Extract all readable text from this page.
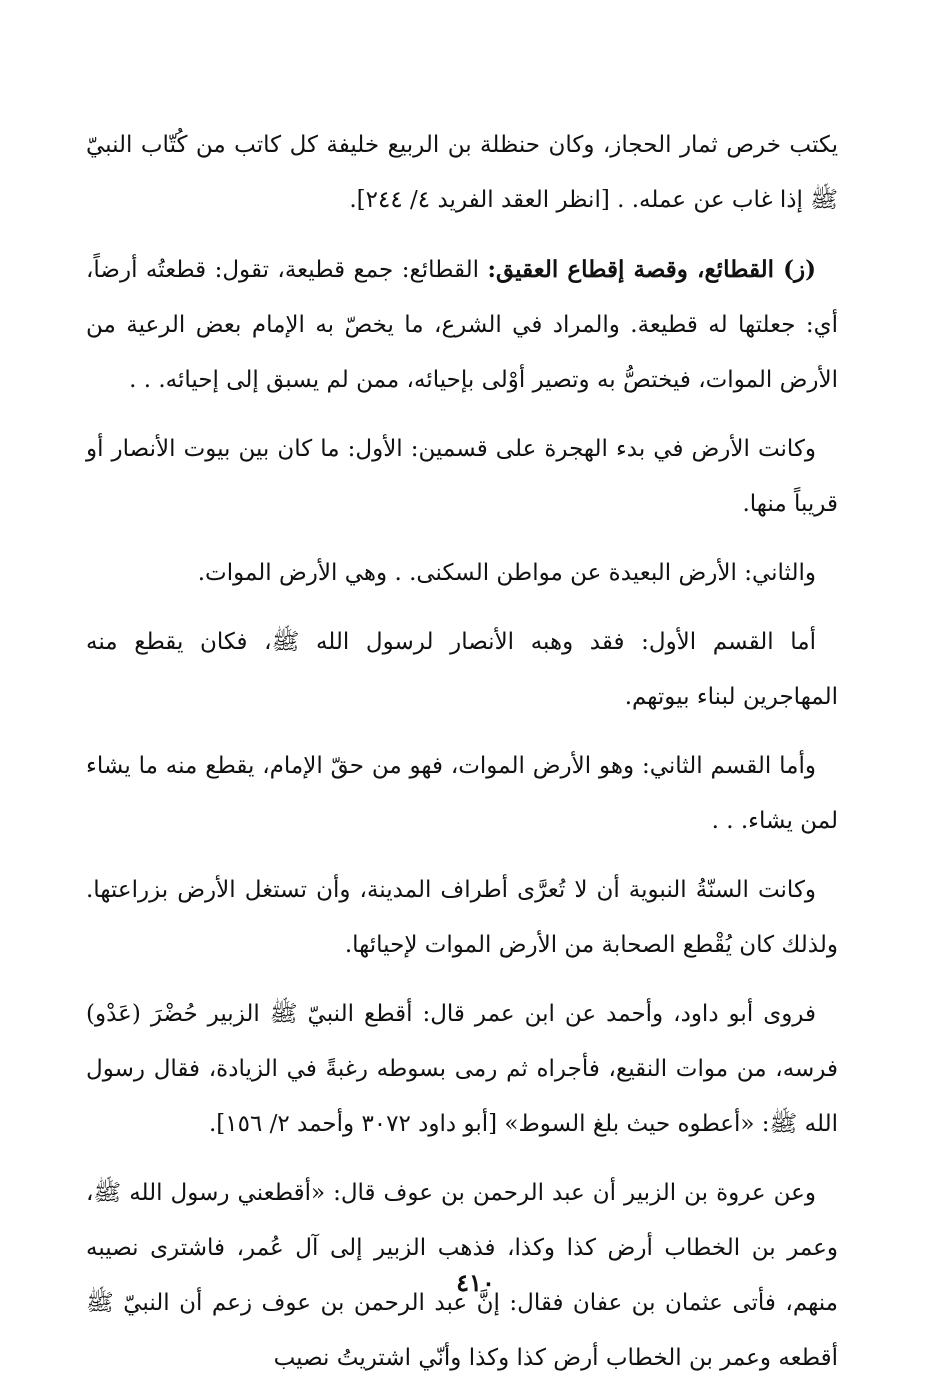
يكتب خرص ثمار الحجاز، وكان حنظلة بن الربيع خليفة كل كاتب من كُتّاب النبيّ ﷺ إذا غاب عن عمله. . [انظر العقد الفريد ٤/ ٢٤٤].

(ز) القطائع، وقصة إقطاع العقيق: القطائع: جمع قطيعة، تقول: قطعتُه أرضاً، أي: جعلتها له قطيعة. والمراد في الشرع، ما يخصّ به الإمام بعض الرعية من الأرض الموات، فيختصُّ به وتصير أوْلى بإحيائه، ممن لم يسبق إلى إحيائه. . .

وكانت الأرض في بدء الهجرة على قسمين: الأول: ما كان بين بيوت الأنصار أو قريباً منها.

والثاني: الأرض البعيدة عن مواطن السكنى. . وهي الأرض الموات.

أما القسم الأول: فقد وهبه الأنصار لرسول الله ﷺ، فكان يقطع منه المهاجرين لبناء بيوتهم.

وأما القسم الثاني: وهو الأرض الموات، فهو من حقّ الإمام، يقطع منه ما يشاء لمن يشاء. . .

وكانت السنّةُ النبوية أن لا تُعرَّى أطراف المدينة، وأن تستغل الأرض بزراعتها. ولذلك كان يُقْطع الصحابة من الأرض الموات لإحيائها.

فروى أبو داود، وأحمد عن ابن عمر قال: أقطع النبيّ ﷺ الزبير حُضْرَ (عَدْو) فرسه، من موات النقيع، فأجراه ثم رمى بسوطه رغبةً في الزيادة، فقال رسول الله ﷺ: «أعطوه حيث بلغ السوط» [أبو داود ٣٠٧٢ وأحمد ٢/ ١٥٦].

وعن عروة بن الزبير أن عبد الرحمن بن عوف قال: «أقطعني رسول الله ﷺ، وعمر بن الخطاب أرض كذا وكذا، فذهب الزبير إلى آل عُمر، فاشترى نصيبه منهم، فأتى عثمان بن عفان فقال: إنَّ عبد الرحمن بن عوف زعم أن النبيّ ﷺ أقطعه وعمر بن الخطاب أرض كذا وكذا وأنّي اشتريتُ نصيب

٤١٠
